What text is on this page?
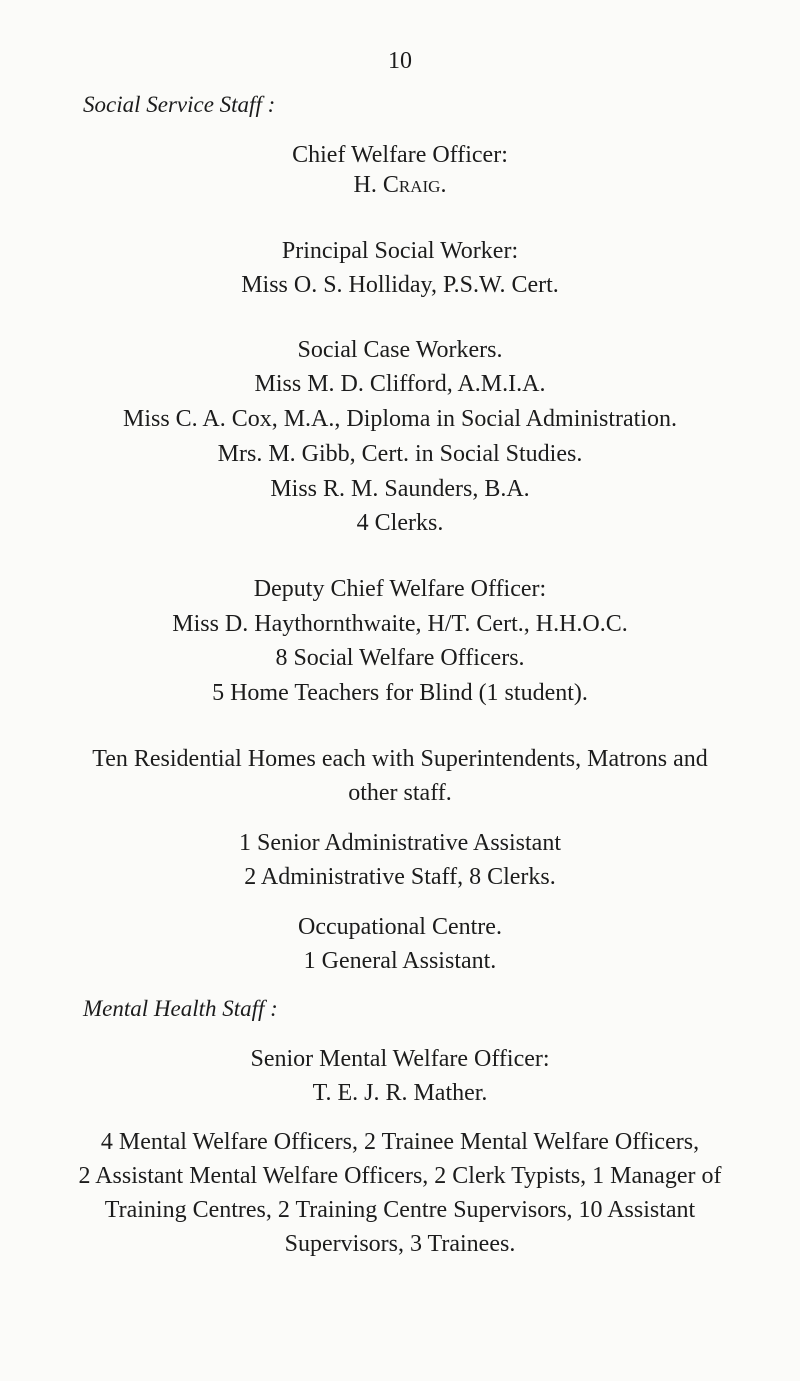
10
Social Service Staff :
Chief Welfare Officer:
H. Craig.
Principal Social Worker:
Miss O. S. Holliday, P.S.W. Cert.
Social Case Workers.
Miss M. D. Clifford, A.M.I.A.
Miss C. A. Cox, M.A., Diploma in Social Administration.
Mrs. M. Gibb, Cert. in Social Studies.
Miss R. M. Saunders, B.A.
4 Clerks.
Deputy Chief Welfare Officer:
Miss D. Haythornthwaite, H/T. Cert., H.H.O.C.
8 Social Welfare Officers.
5 Home Teachers for Blind (1 student).
Ten Residential Homes each with Superintendents, Matrons and
other staff.
1 Senior Administrative Assistant
2 Administrative Staff, 8 Clerks.
Occupational Centre.
1 General Assistant.
Mental Health Staff :
Senior Mental Welfare Officer:
T. E. J. R. Mather.
4 Mental Welfare Officers, 2 Trainee Mental Welfare Officers,
2 Assistant Mental Welfare Officers, 2 Clerk Typists, 1 Manager of
Training Centres, 2 Training Centre Supervisors, 10 Assistant
Supervisors, 3 Trainees.
